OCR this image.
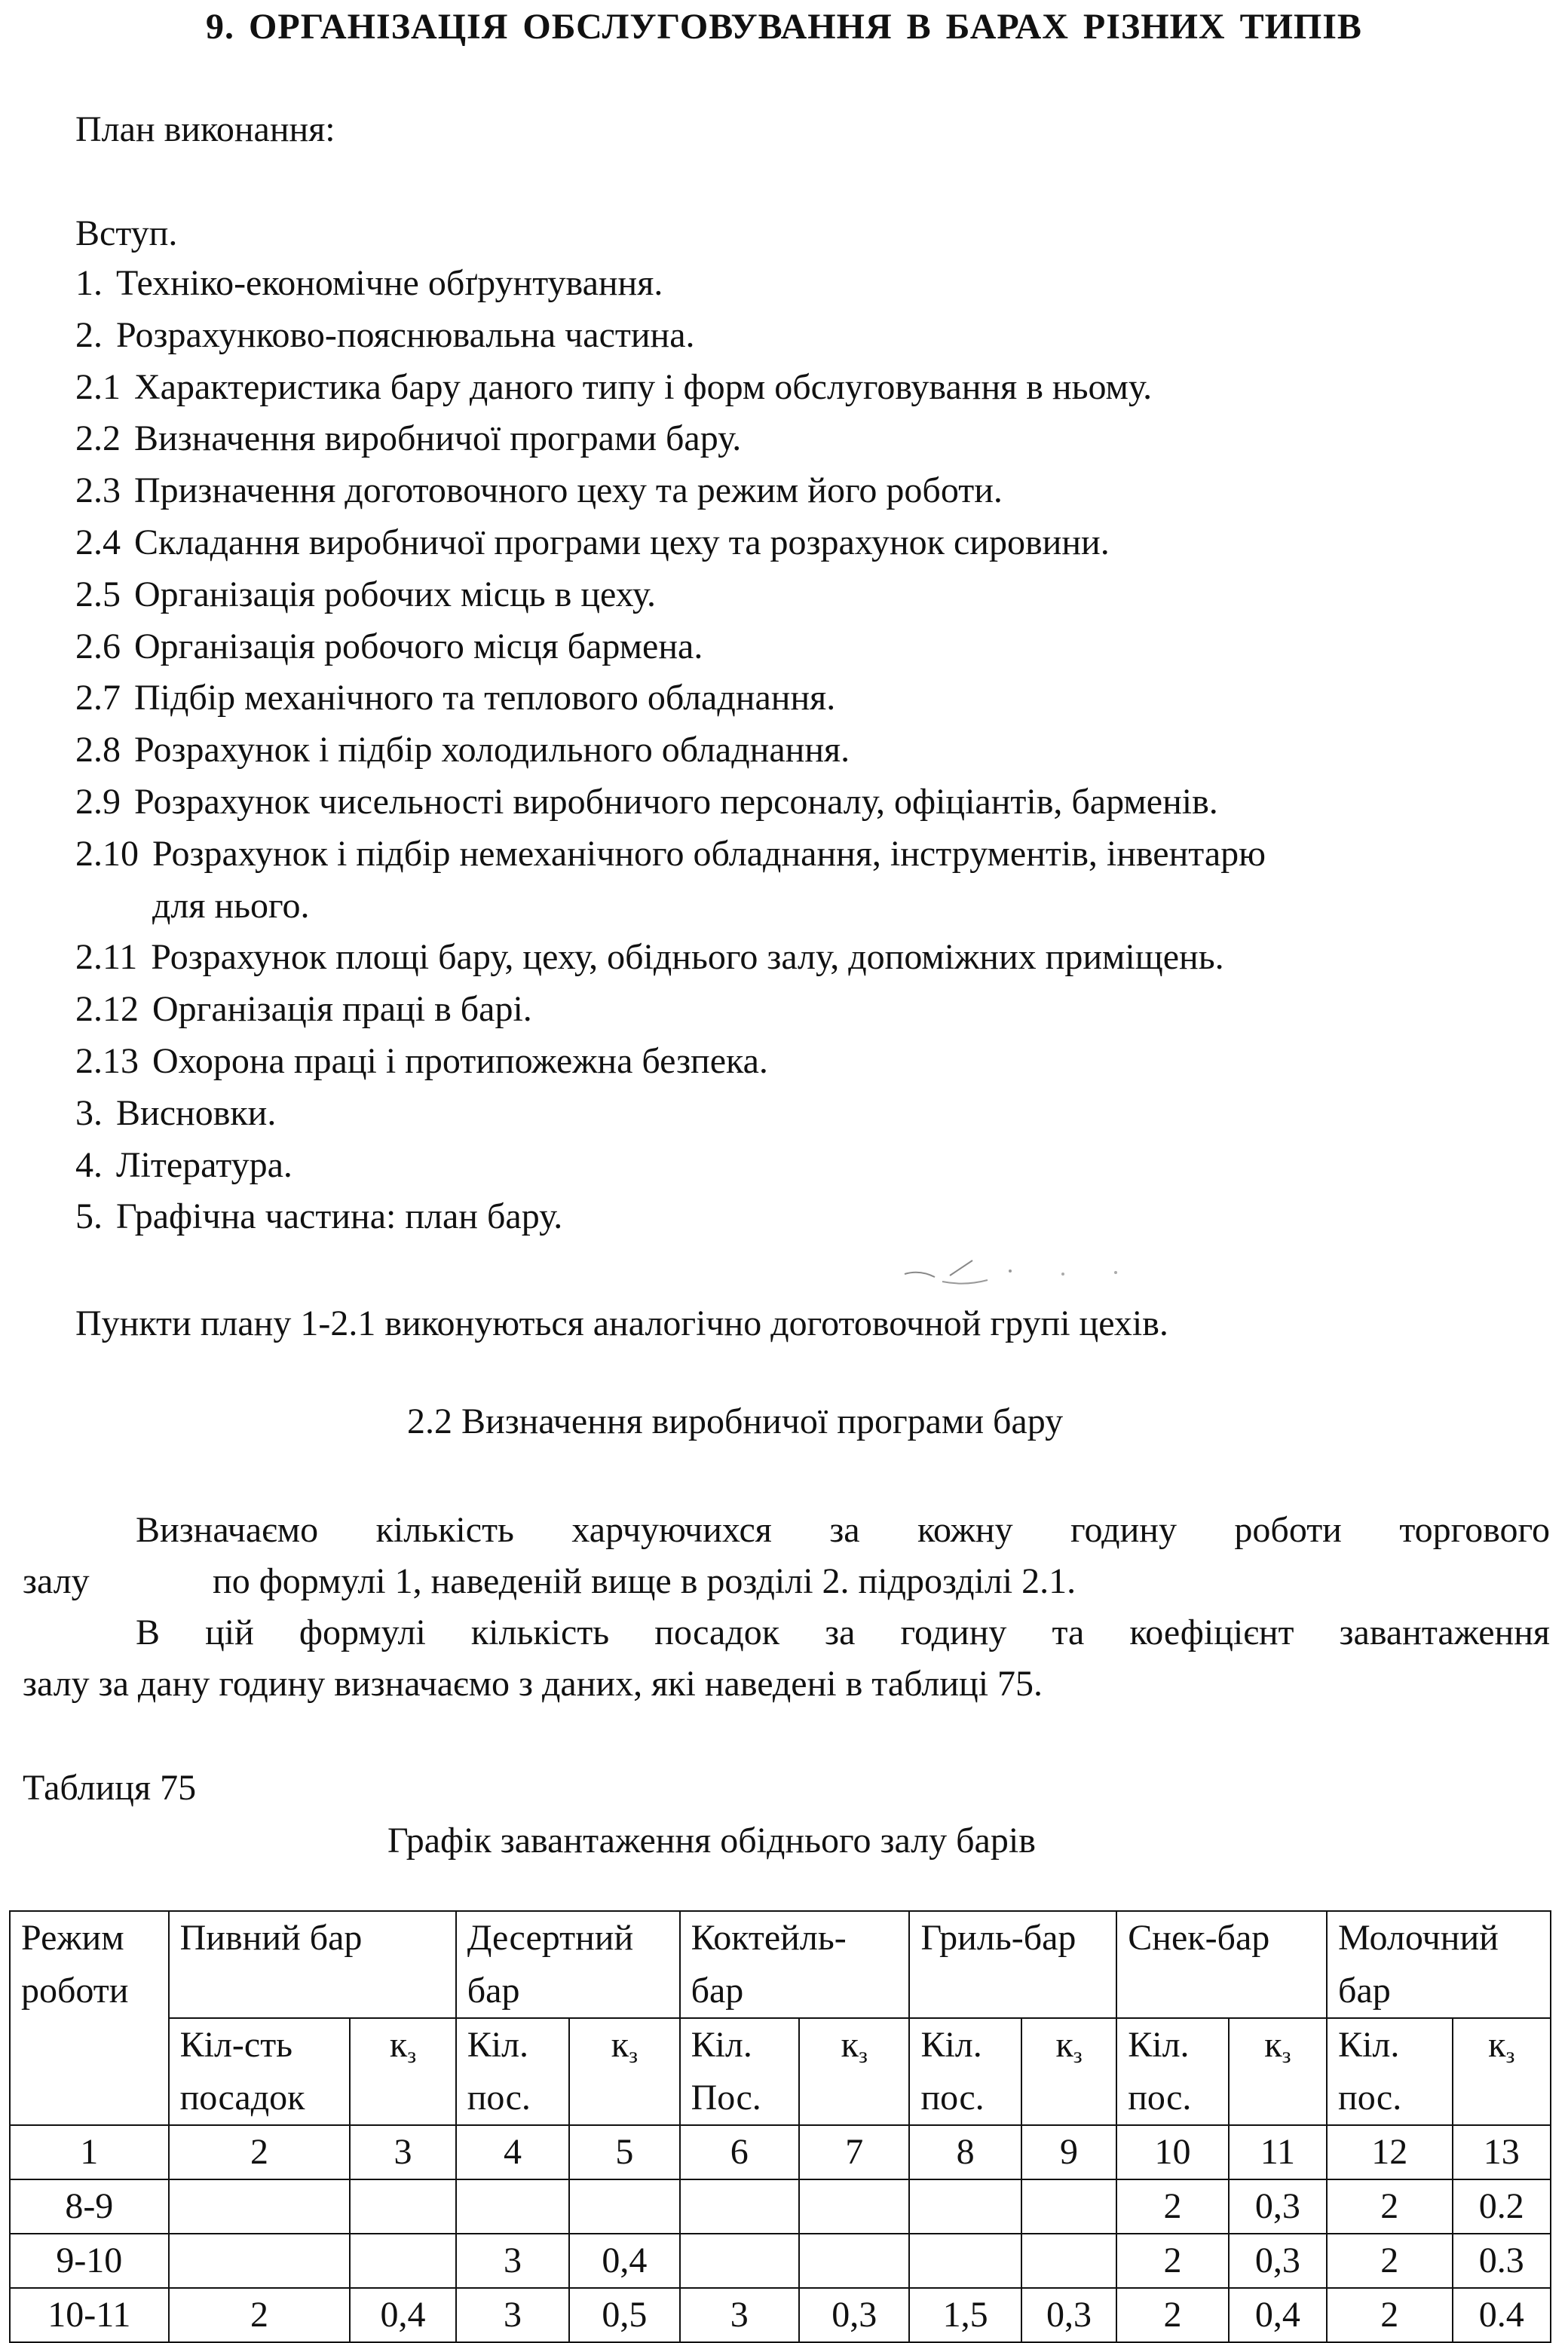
9. ОРГАНІЗАЦІЯ ОБСЛУГОВУВАННЯ В БАРАХ РІЗНИХ ТИПІВ
План виконання:
Вступ.
1. Техніко-економічне обґрунтування.
2. Розрахунково-пояснювальна частина.
2.1 Характеристика бару даного типу і форм обслуговування в ньому.
2.2 Визначення виробничої програми бару.
2.3 Призначення доготовочного цеху та режим його роботи.
2.4 Складання виробничої програми цеху та розрахунок сировини.
2.5 Організація робочих місць в цеху.
2.6 Організація робочого місця бармена.
2.7 Підбір механічного та теплового обладнання.
2.8 Розрахунок і підбір холодильного обладнання.
2.9 Розрахунок чисельності виробничого персоналу, офіціантів, барменів.
2.10 Розрахунок і підбір немеханічного обладнання, інструментів, інвентарю
для нього.
2.11 Розрахунок площі бару, цеху, обіднього залу, допоміжних приміщень.
2.12 Організація праці в барі.
2.13 Охорона праці і протипожежна безпека.
3. Висновки.
4. Література.
5. Графічна частина: план бару.
Пункти плану 1-2.1 виконуються аналогічно доготовочной групі цехів.
2.2 Визначення виробничої програми бару
Визначаємо кількість харчуючихся за кожну годину роботи торгового
залу	по формулі 1, наведеній вище в розділі 2. підрозділі 2.1.
В цій формулі кількість посадок за годину та коефіцієнт завантаження
залу за дану годину визначаємо з даних, які наведені в таблиці 75.
Таблиця 75
Графік завантаження обіднього залу барів
Режим роботи	Пивний бар		Десертний бар		Коктейль-бар		Гриль-бар		Снек-бар		Молочний бар	
	Кіл-сть посадок	кз	Кіл. пос.	кз	Кіл. Пос.	кз	Кіл. пос.	кз	Кіл. пос.	кз	Кіл. пос.	кз
1	2	3	4	5	6	7	8	9	10	11	12	13
8-9									2	0,3	2	0.2
9-10			3	0,4					2	0,3	2	0.3
10-11	2	0,4	3	0,5	3	0,3	1,5	0,3	2	0,4	2	0.4
